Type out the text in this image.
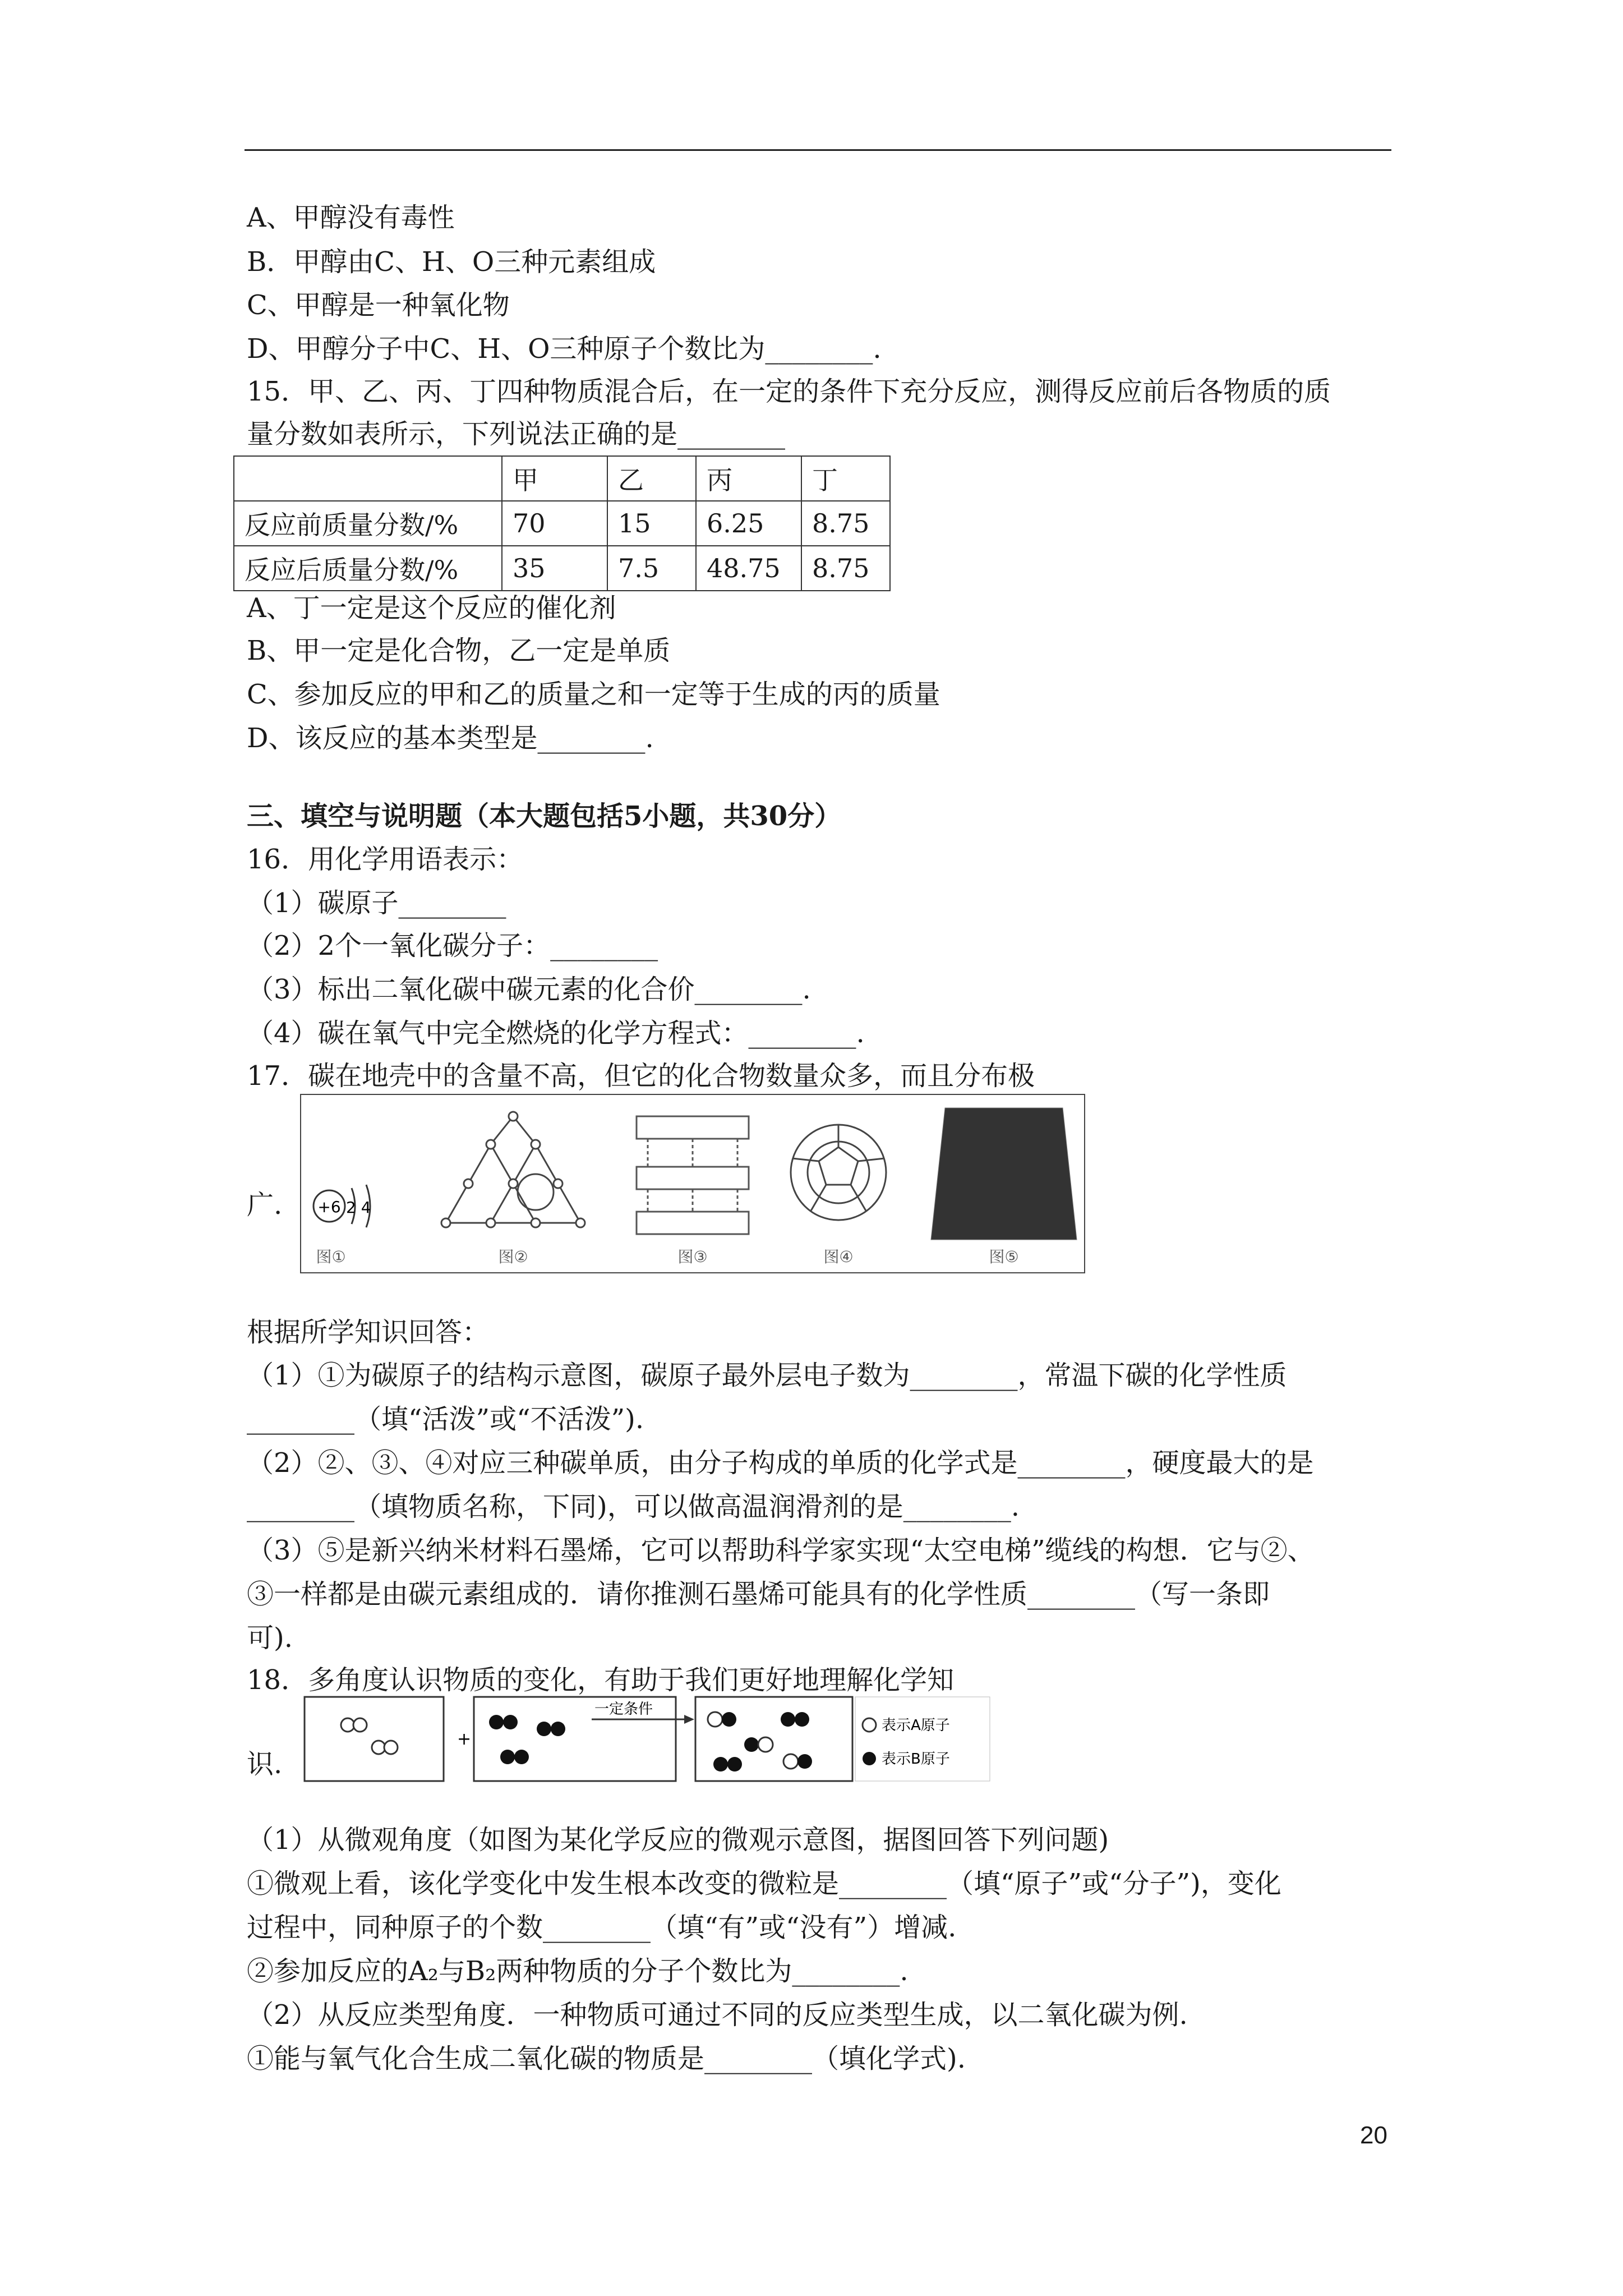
A、甲醇没有毒性
B．甲醇由C、H、O三种元素组成
C、甲醇是一种氧化物
D、甲醇分子中C、H、O三种原子个数比为________.
15．甲、乙、丙、丁四种物质混合后，在一定的条件下充分反应，测得反应前后各物质的质
量分数如表所示，下列说法正确的是________
	甲	乙	丙	丁
反应前质量分数/%	70	15	6.25	8.75
反应后质量分数/%	35	7.5	48.75	8.75
A、丁一定是这个反应的催化剂
B、甲一定是化合物，乙一定是单质
C、参加反应的甲和乙的质量之和一定等于生成的丙的质量
D、该反应的基本类型是________.
三、填空与说明题（本大题包括5小题，共30分）
16．用化学用语表示：
（1）碳原子________
（2）2个一氧化碳分子：________
（3）标出二氧化碳中碳元素的化合价________.
（4）碳在氧气中完全燃烧的化学方程式：________.
17．碳在地壳中的含量不高，但它的化合物数量众多，而且分布极
广. +6 2 4
图①	图②	图③	图④	图⑤
根据所学知识回答：
（1）①为碳原子的结构示意图，碳原子最外层电子数为________，常温下碳的化学性质
________（填“活泼”或“不活泼”).
（2）②、③、④对应三种碳单质，由分子构成的单质的化学式是________，硬度最大的是
________（填物质名称，下同)，可以做高温润滑剂的是________.
（3）⑤是新兴纳米材料石墨烯，它可以帮助科学家实现“太空电梯”缆线的构想．它与②、
③一样都是由碳元素组成的．请你推测石墨烯可能具有的化学性质________（写一条即
可).
18．多角度认识物质的变化，有助于我们更好地理解化学知
识.
+
一定条件
表示A原子
表示B原子
（1）从微观角度（如图为某化学反应的微观示意图，据图回答下列问题)
①微观上看，该化学变化中发生根本改变的微粒是________（填“原子”或“分子”)，变化
过程中，同种原子的个数________（填“有”或“没有”）增减.
②参加反应的A₂与B₂两种物质的分子个数比为________.
（2）从反应类型角度．一种物质可通过不同的反应类型生成，以二氧化碳为例.
①能与氧气化合生成二氧化碳的物质是________（填化学式).
20
